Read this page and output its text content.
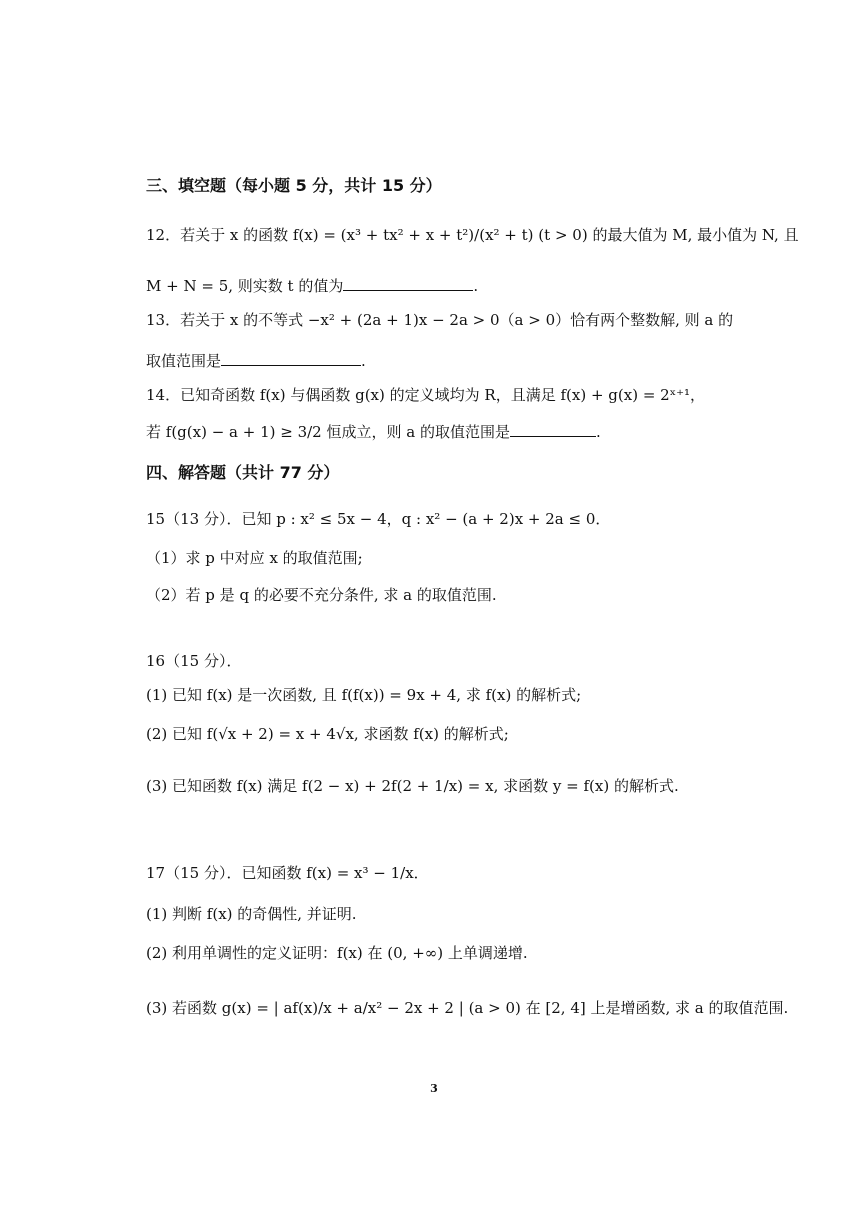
三、填空题（每小题 5 分，共计 15 分）
12．若关于 x 的函数 f(x) = (x³ + tx² + x + t²)/(x² + t) (t > 0) 的最大值为 M, 最小值为 N, 且
M + N = 5, 则实数 t 的值为	.
13．若关于 x 的不等式 −x² + (2a + 1)x − 2a > 0（a > 0）恰有两个整数解, 则 a 的
取值范围是	.
14．已知奇函数 f(x) 与偶函数 g(x) 的定义域均为 R，且满足 f(x) + g(x) = 2ˣ⁺¹，
若 f(g(x) − a + 1) ≥ 3/2 恒成立，则 a 的取值范围是	.
四、解答题（共计 77 分）
15（13 分）．已知 p : x² ≤ 5x − 4，q : x² − (a + 2)x + 2a ≤ 0．
（1）求 p 中对应 x 的取值范围;
（2）若 p 是 q 的必要不充分条件, 求 a 的取值范围.
16（15 分）．
(1) 已知 f(x) 是一次函数, 且 f(f(x)) = 9x + 4, 求 f(x) 的解析式;
(2) 已知 f(√x + 2) = x + 4√x, 求函数 f(x) 的解析式;
(3) 已知函数 f(x) 满足 f(2 − x) + 2f(2 + 1/x) = x, 求函数 y = f(x) 的解析式.
17（15 分）．已知函数 f(x) = x³ − 1/x．
(1) 判断 f(x) 的奇偶性, 并证明.
(2) 利用单调性的定义证明：f(x) 在 (0, +∞) 上单调递增.
(3) 若函数 g(x) = | af(x)/x + a/x² − 2x + 2 | (a > 0) 在 [2, 4] 上是增函数, 求 a 的取值范围.
3
